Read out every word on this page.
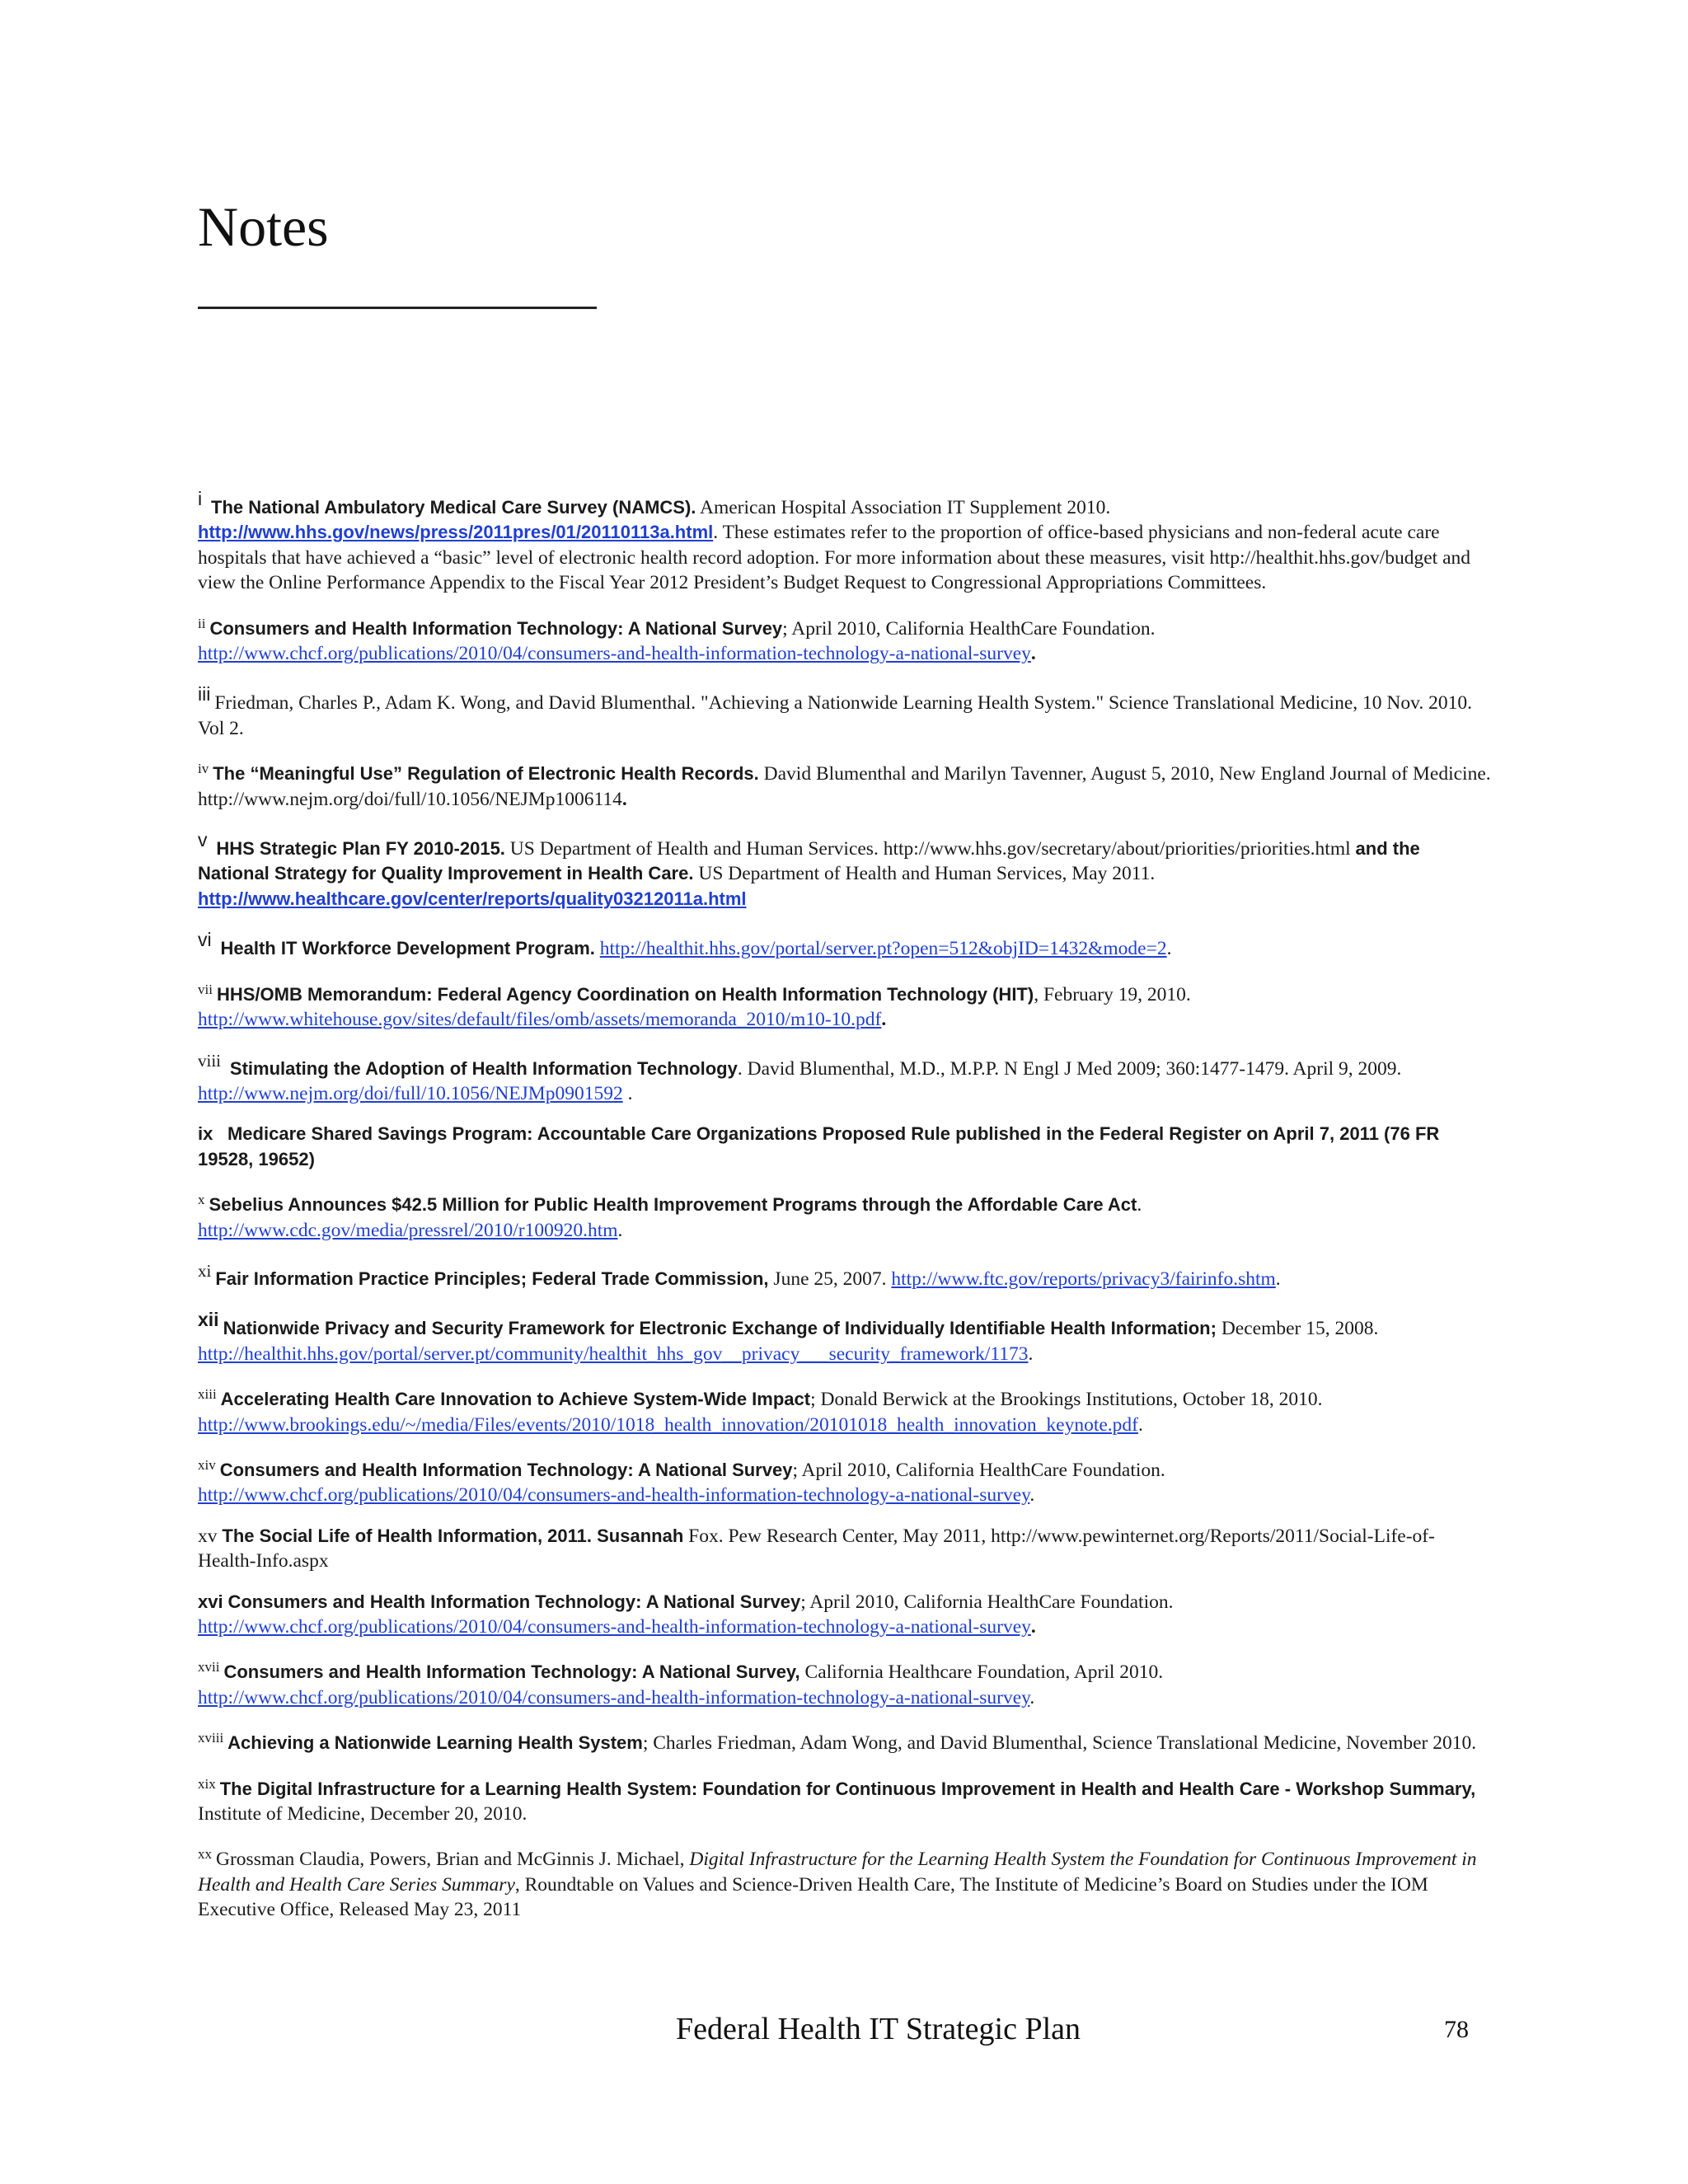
Notes

i The National Ambulatory Medical Care Survey (NAMCS). American Hospital Association IT Supplement 2010.
http://www.hhs.gov/news/press/2011pres/01/20110113a.html. These estimates refer to the proportion of office-based physicians and non-federal acute care hospitals that have achieved a “basic” level of electronic health record adoption. For more information about these measures, visit http://healthit.hhs.gov/budget and view the Online Performance Appendix to the Fiscal Year 2012 President’s Budget Request to Congressional Appropriations Committees.

$^{ii}$ Consumers and Health Information Technology: A National Survey; April 2010, California HealthCare Foundation.
http://www.chcf.org/publications/2010/04/consumers-and-health-information-technology-a-national-survey.

iii Friedman, Charles P., Adam K. Wong, and David Blumenthal. "Achieving a Nationwide Learning Health System." Science Translational Medicine, 10 Nov. 2010. Vol 2.

$^{iv}$ The “Meaningful Use” Regulation of Electronic Health Records. David Blumenthal and Marilyn Tavenner, August 5, 2010, New England Journal of Medicine. http://www.nejm.org/doi/full/10.1056/NEJMp1006114.

v HHS Strategic Plan FY 2010-2015. US Department of Health and Human Services. http://www.hhs.gov/secretary/about/priorities/priorities.html and the National Strategy for Quality Improvement in Health Care. US Department of Health and Human Services, May 2011. http://www.healthcare.gov/center/reports/quality03212011a.html

vi Health IT Workforce Development Program. http://healthit.hhs.gov/portal/server.pt?open=512&objID=1432&mode=2.

$^{vii}$ HHS/OMB Memorandum: Federal Agency Coordination on Health Information Technology (HIT), February 19, 2010.
http://www.whitehouse.gov/sites/default/files/omb/assets/memoranda_2010/m10-10.pdf.

viii Stimulating the Adoption of Health Information Technology. David Blumenthal, M.D., M.P.P. N Engl J Med 2009; 360:1477-1479. April 9, 2009. http://www.nejm.org/doi/full/10.1056/NEJMp0901592 .

ix Medicare Shared Savings Program: Accountable Care Organizations Proposed Rule published in the Federal Register on April 7, 2011 (76 FR 19528, 19652)

$^x$ Sebelius Announces $42.5 Million for Public Health Improvement Programs through the Affordable Care Act.
http://www.cdc.gov/media/pressrel/2010/r100920.htm.

xi Fair Information Practice Principles; Federal Trade Commission, June 25, 2007. http://www.ftc.gov/reports/privacy3/fairinfo.shtm.

xii Nationwide Privacy and Security Framework for Electronic Exchange of Individually Identifiable Health Information; December 15, 2008. http://healthit.hhs.gov/portal/server.pt/community/healthit_hhs_gov__privacy___security_framework/1173.

$^{xiii}$ Accelerating Health Care Innovation to Achieve System-Wide Impact; Donald Berwick at the Brookings Institutions, October 18, 2010.
http://www.brookings.edu/~/media/Files/events/2010/1018_health_innovation/20101018_health_innovation_keynote.pdf.

$^{xiv}$ Consumers and Health Information Technology: A National Survey; April 2010, California HealthCare Foundation.
http://www.chcf.org/publications/2010/04/consumers-and-health-information-technology-a-national-survey.

xv The Social Life of Health Information, 2011. Susannah Fox. Pew Research Center, May 2011, http://www.pewinternet.org/Reports/2011/Social-Life-of-Health-Info.aspx

xvi Consumers and Health Information Technology: A National Survey; April 2010, California HealthCare Foundation.
http://www.chcf.org/publications/2010/04/consumers-and-health-information-technology-a-national-survey.

$^{xvii}$ Consumers and Health Information Technology: A National Survey, California Healthcare Foundation, April 2010.
http://www.chcf.org/publications/2010/04/consumers-and-health-information-technology-a-national-survey.

$^{xviii}$ Achieving a Nationwide Learning Health System; Charles Friedman, Adam Wong, and David Blumenthal, Science Translational Medicine, November 2010.

$^{xix}$ The Digital Infrastructure for a Learning Health System: Foundation for Continuous Improvement in Health and Health Care - Workshop Summary, Institute of Medicine, December 20, 2010.

$^{xx}$ Grossman Claudia, Powers, Brian and McGinnis J. Michael, Digital Infrastructure for the Learning Health System the Foundation for Continuous Improvement in Health and Health Care Series Summary, Roundtable on Values and Science-Driven Health Care, The Institute of Medicine’s Board on Studies under the IOM Executive Office, Released May 23, 2011

Federal Health IT Strategic Plan	78
